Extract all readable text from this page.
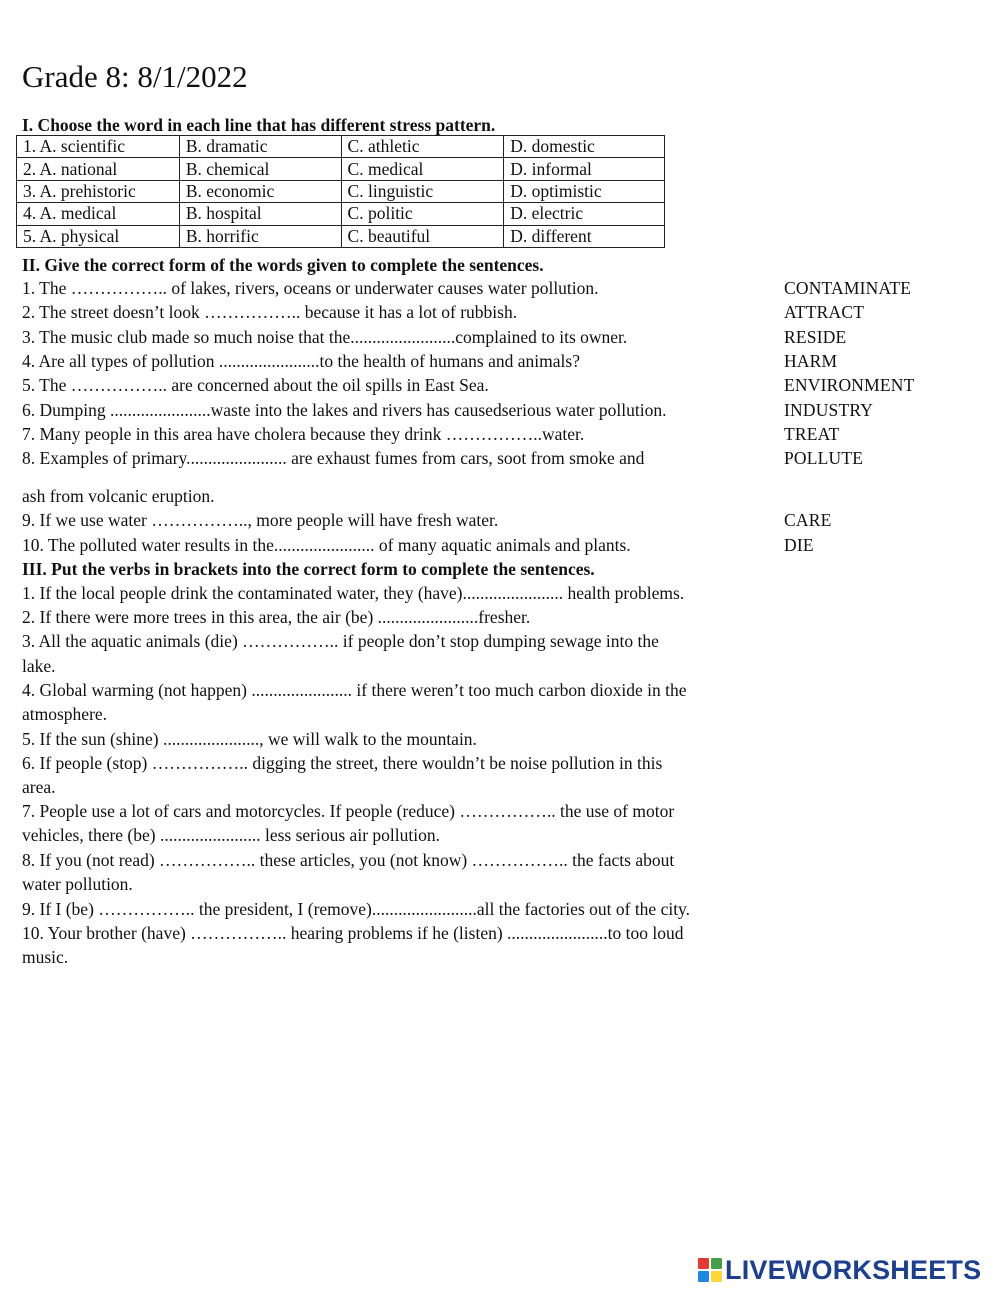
Grade 8: 8/1/2022
I. Choose the word in each line that has different stress pattern.
1. A. scientific	B. dramatic	C. athletic	D. domestic
2. A. national	B. chemical	C. medical	D. informal
3. A. prehistoric	B. economic	C. linguistic	D. optimistic
4. A. medical	B. hospital	C. politic	D. electric
5. A. physical	B. horrific	C. beautiful	D. different
II. Give the correct form of the words given to complete the sentences.
1. The …………….. of lakes, rivers, oceans or underwater causes water pollution.
2. The street doesn’t look …………….. because it has a lot of rubbish.
3. The music club made so much noise that the........................complained to its owner.
4. Are all types of pollution .......................to the health of humans and animals?
5. The …………….. are concerned about the oil spills in East Sea.
6. Dumping .......................waste into the lakes and rivers has causedserious water pollution.
7. Many people in this area have cholera because they drink ……………..water.
8. Examples of primary....................... are exhaust fumes from cars, soot from smoke and
ash from volcanic eruption.
9. If we use water …………….., more people will have fresh water.
10. The polluted water results in the....................... of many aquatic animals and plants.
CONTAMINATE
ATTRACT
RESIDE
HARM
ENVIRONMENT
INDUSTRY
TREAT
POLLUTE
CARE
DIE
III. Put the verbs in brackets into the correct form to complete the sentences.
1. If the local people drink the contaminated water, they (have)....................... health problems.
2. If there were more trees in this area, the air (be) .......................fresher.
3. All the aquatic animals (die) …………….. if people don’t stop dumping sewage into the
lake.
4. Global warming (not happen) ....................... if there weren’t too much carbon dioxide in the
atmosphere.
5. If the sun (shine) ......................, we will walk to the mountain.
6. If people (stop) …………….. digging the street, there wouldn’t be noise pollution in this
area.
7. People use a lot of cars and motorcycles. If people (reduce) …………….. the use of motor
vehicles, there (be) ....................... less serious air pollution.
8. If you (not read) …………….. these articles, you (not know) …………….. the facts about
water pollution.
9. If I (be) …………….. the president, I (remove)........................all the factories out of the city.
10. Your brother (have) …………….. hearing problems if he (listen) .......................to too loud
music.
LIVEWORKSHEETS
